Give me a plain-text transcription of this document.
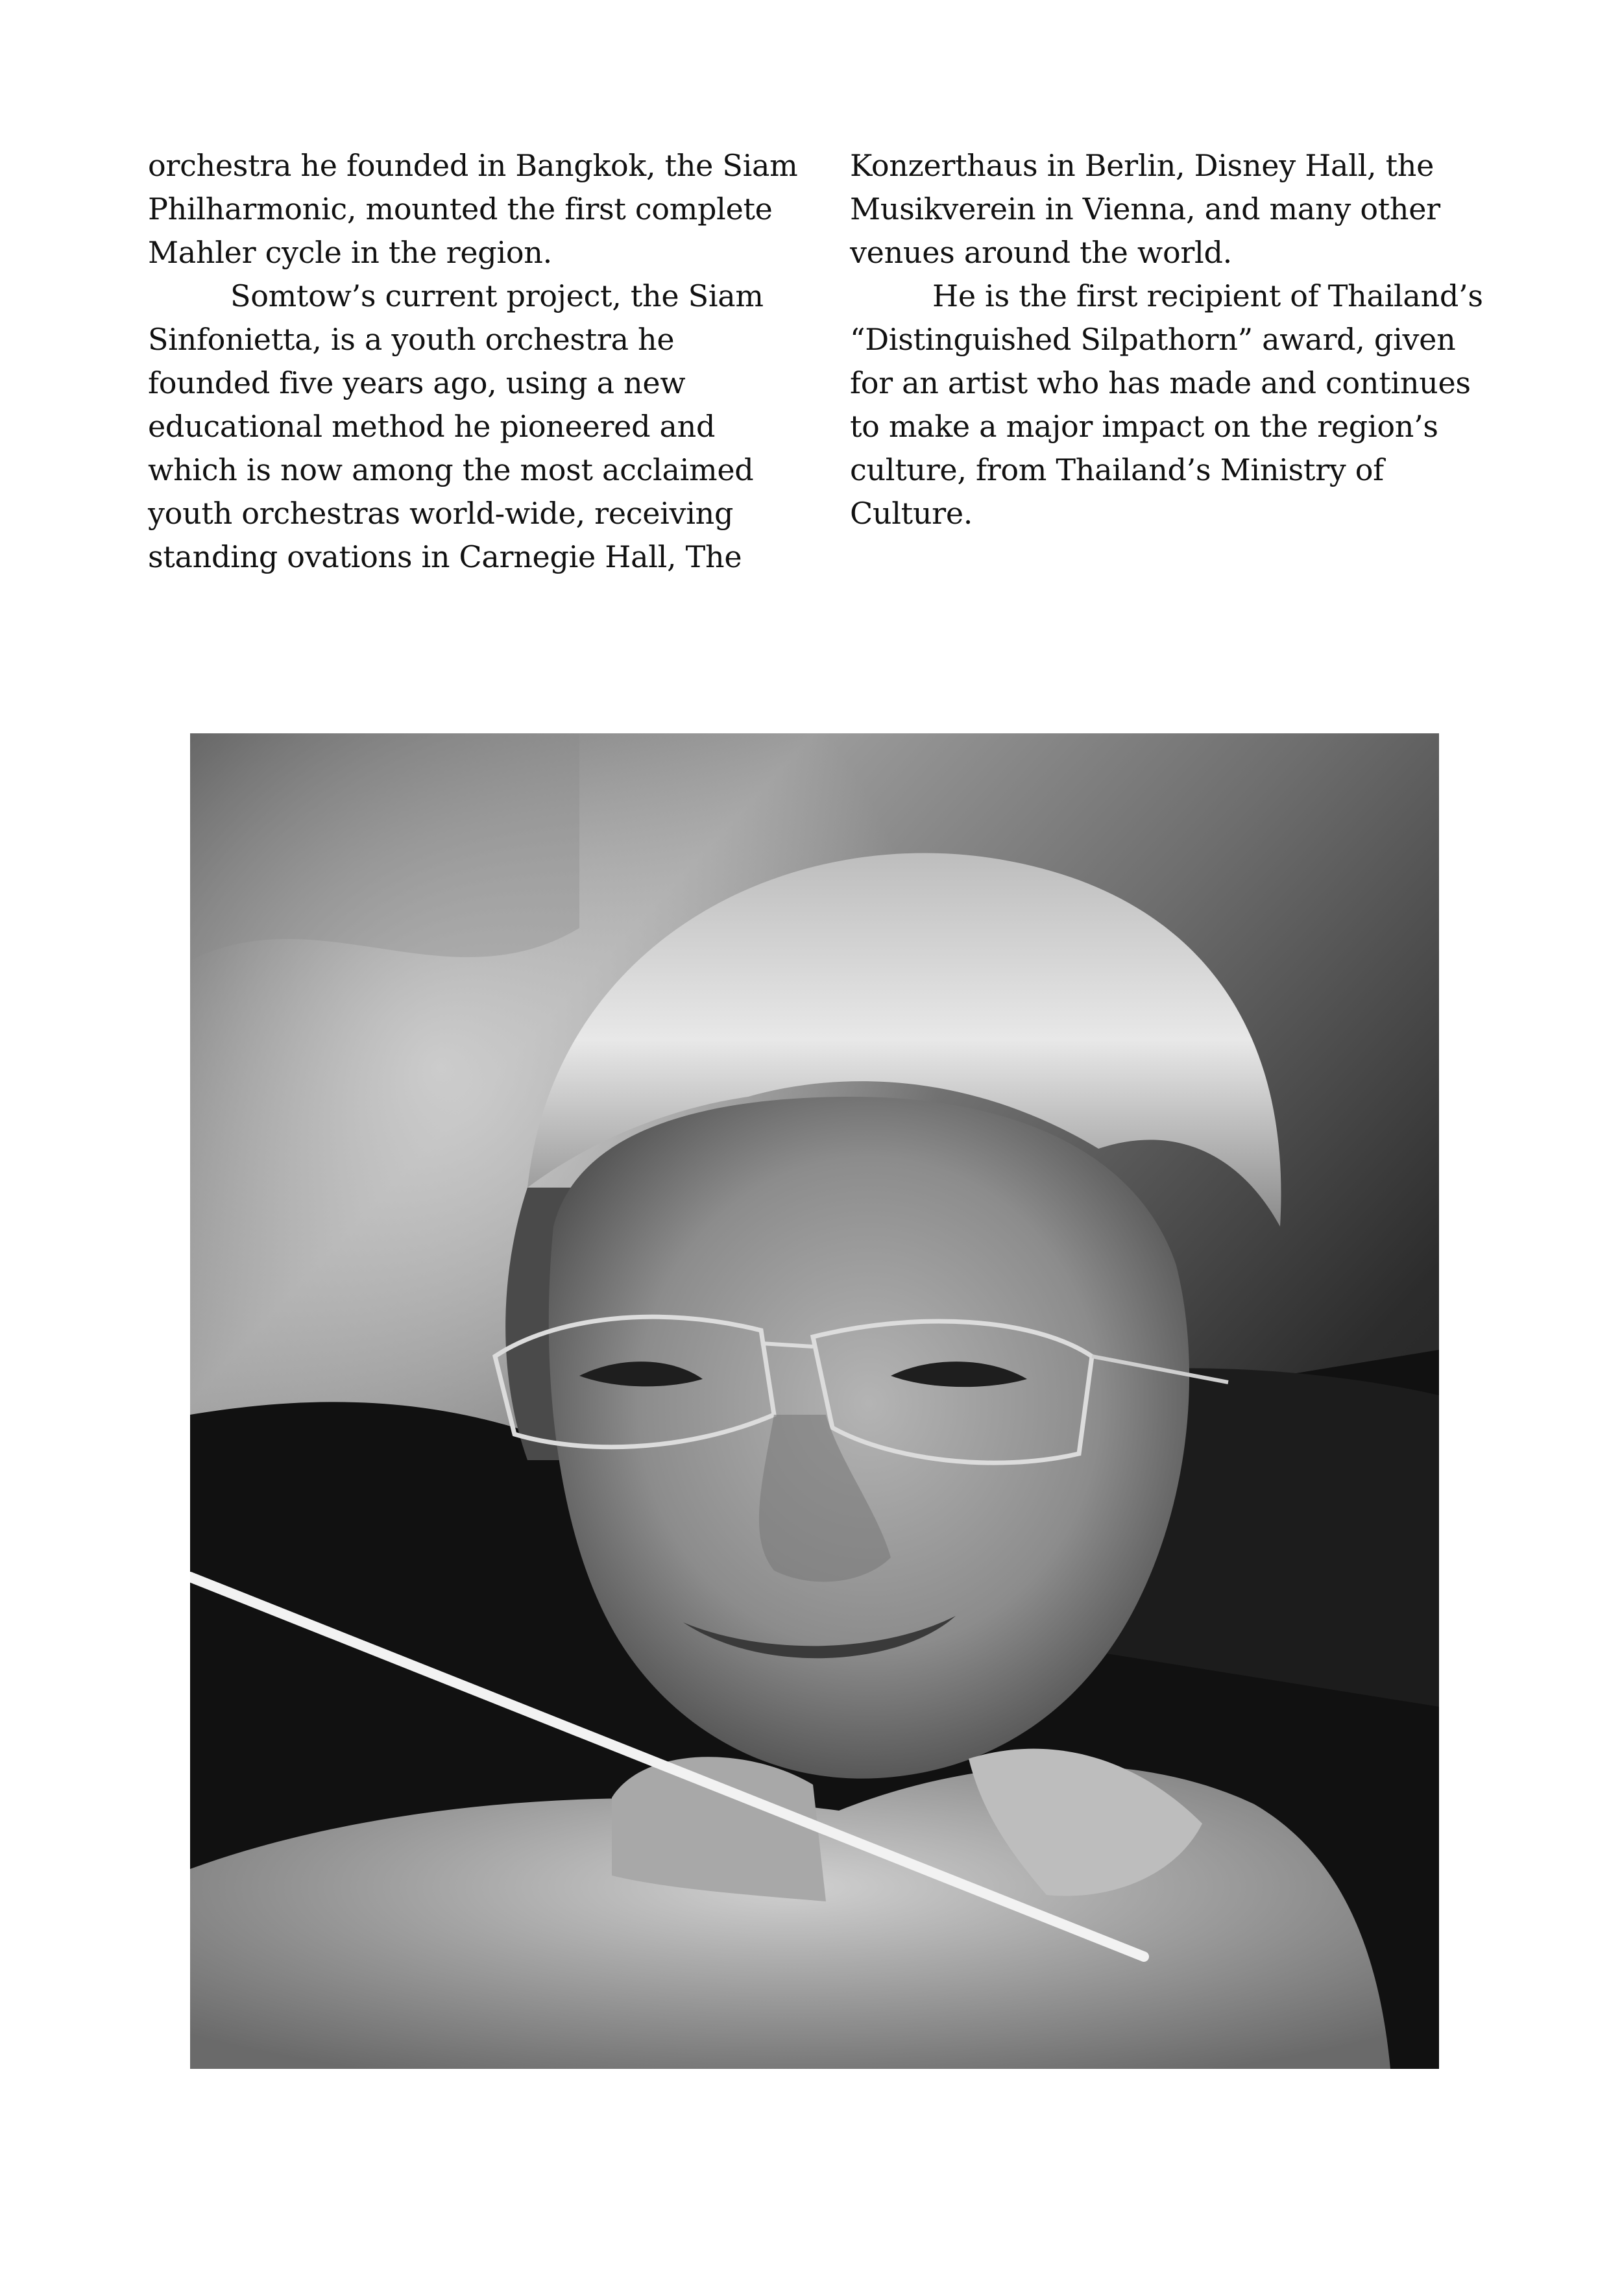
orchestra he founded in Bangkok, the Siam Philharmonic, mounted the first complete Mahler cycle in the region.

Somtow’s current project, the Siam Sinfonietta, is a youth orchestra he founded five years ago, using a new educational method he pioneered and which is now among the most acclaimed youth orchestras world-wide, receiving standing ovations in Carnegie Hall, The

Konzerthaus in Berlin, Disney Hall, the Musikverein in Vienna, and many other venues around the world.

He is the first recipient of Thailand’s “Distinguished Silpathorn” award, given for an artist who has made and continues to make a major impact on the region’s culture, from Thailand’s Ministry of Culture.
